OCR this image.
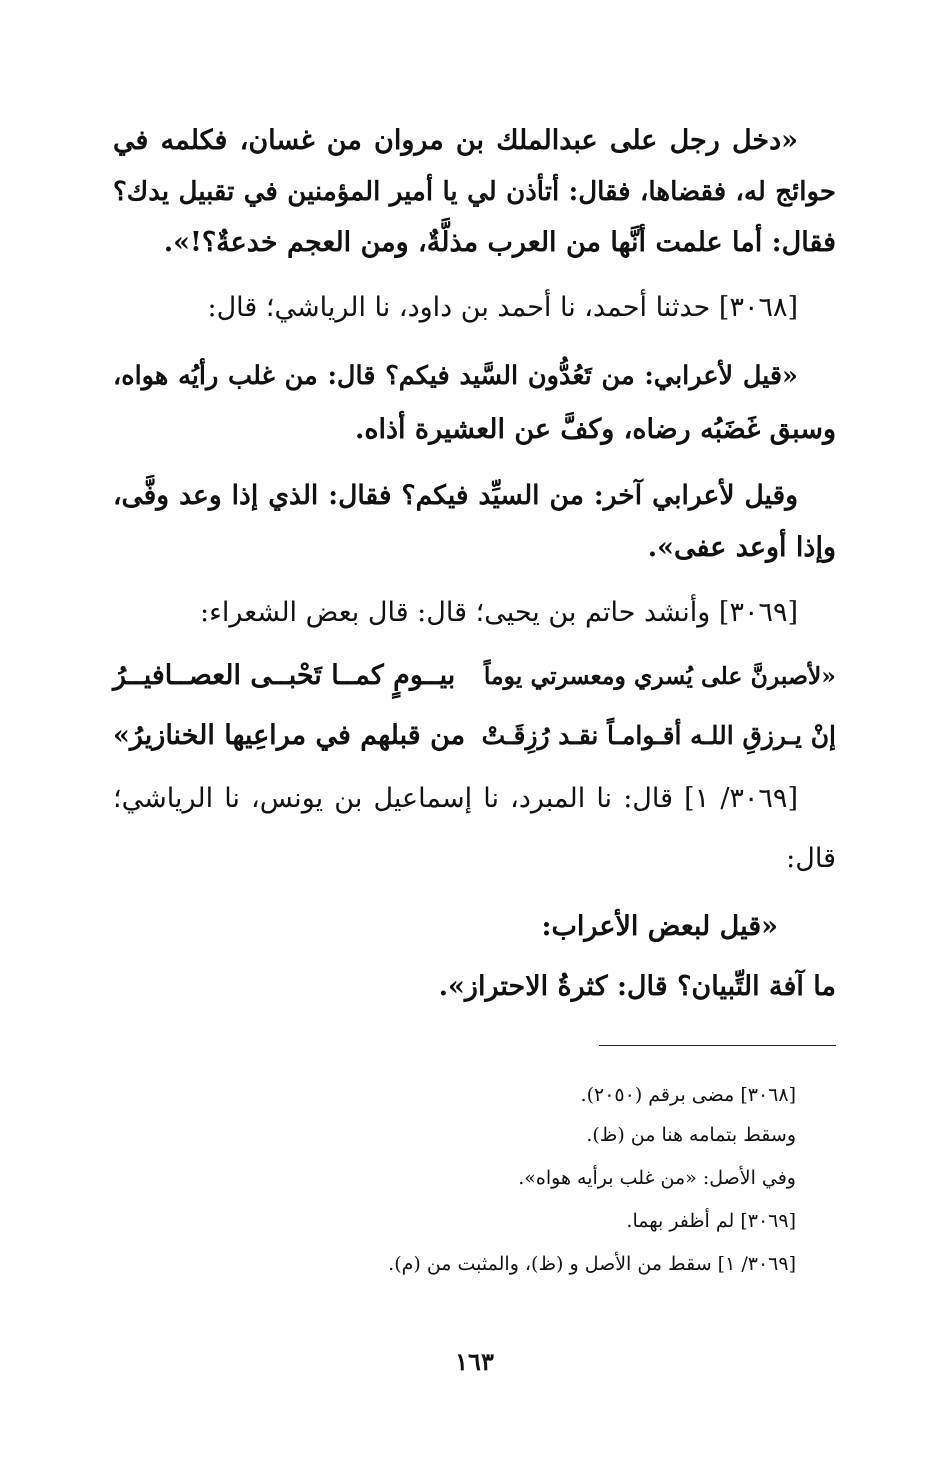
«دخل رجل على عبدالملك بن مروان من غسان، فكلمه في
حوائج له، فقضاها، فقال: أتأذن لي يا أمير المؤمنين في تقبيل يدك؟
فقال: أما علمت أنَّها من العرب مذلَّةٌ، ومن العجم خدعةٌ؟!».
[٣٠٦٨] حدثنا أحمد، نا أحمد بن داود، نا الرياشي؛ قال:
«قيل لأعرابي: من تَعُدُّون السَّيد فيكم؟ قال: من غلب رأيُه هواه،
وسبق غَضَبُه رضاه، وكفَّ عن العشيرة أذاه.
وقيل لأعرابي آخر: من السيِّد فيكم؟ فقال: الذي إذا وعد وفَّى،
وإذا أوعد عفى».
[٣٠٦٩] وأنشد حاتم بن يحيى؛ قال: قال بعض الشعراء:
«لأصبرنَّ على يُسري ومعسرتي يوماً
بيــومٍ كمــا تَحْبــى العصــافيــرُ
إنْ يـرزقِ اللـه أقـوامـاً نقـد رُزِقَـتْ
من قبلهم في مراعِيها الخنازيرُ»
[٣٠٦٩/ ١] قال: نا المبرد، نا إسماعيل بن يونس، نا الرياشي؛
قال:
«قيل لبعض الأعراب:
ما آفة التِّبيان؟ قال: كثرةُ الاحتراز».
[٣٠٦٨] مضى برقم (٢٠٥٠).
وسقط بتمامه هنا من (ظ).
وفي الأصل: «من غلب برأيه هواه».
[٣٠٦٩] لم أظفر بهما.
[٣٠٦٩/ ١] سقط من الأصل و (ظ)، والمثبت من (م).
١٦٣
